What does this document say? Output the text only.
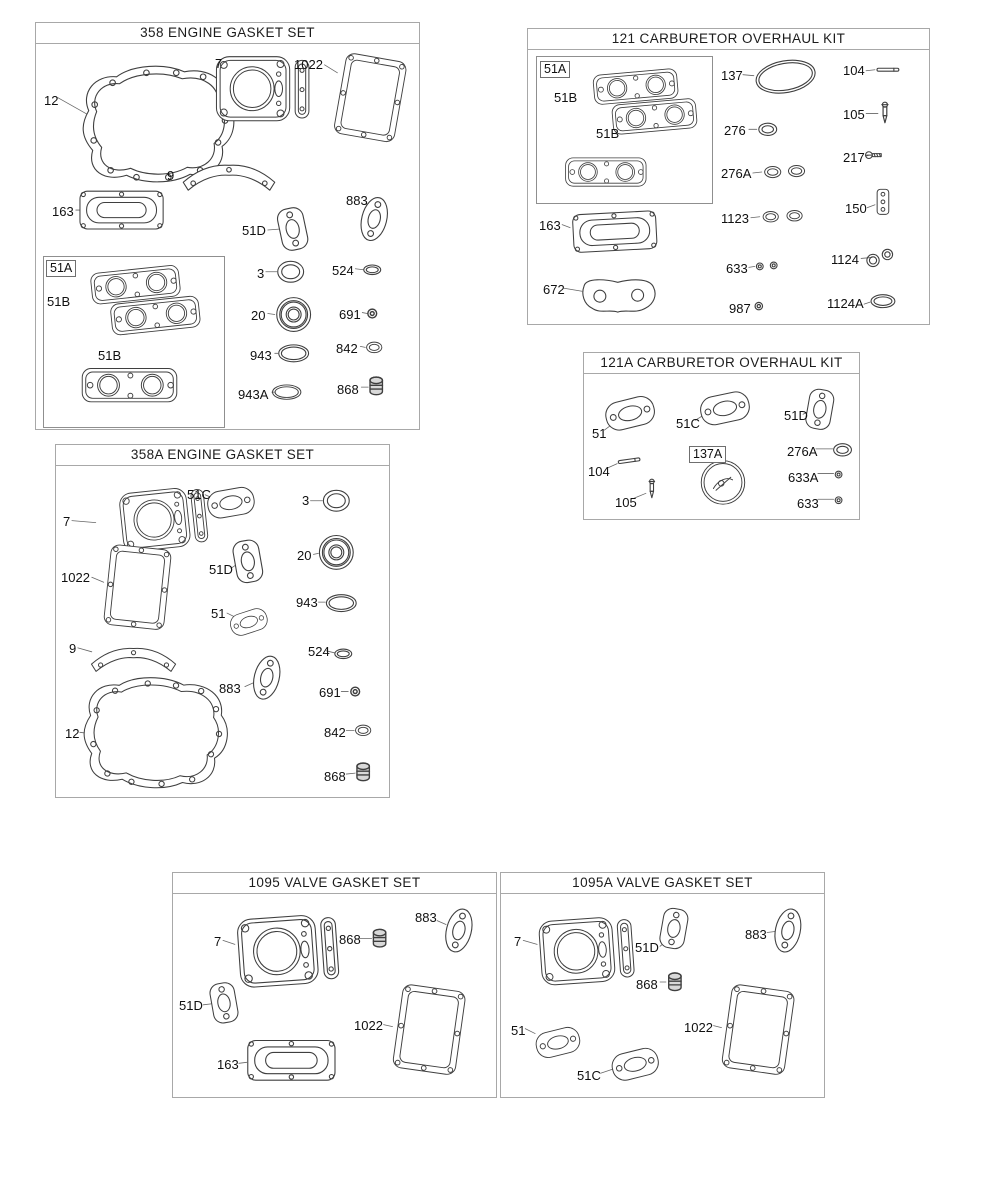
358 ENGINE GASKET SET
12
7	1022
9
163
51D
883
51A
51B
51B
3	524
20	691
943	842
943A	868
121 CARBURETOR OVERHAUL KIT
51A
51B
51B
137	104
105
276
217
276A
1123
150
163
633
1124
672
987	1124A
121A CARBURETOR OVERHAUL KIT
51
51C
51D
104
137A	276A
633A
105	633
358A ENGINE GASKET SET
7
51C	3
1022
51D
20
51
943
9	524
883	691
12	842
868
1095 VALVE GASKET SET
7	868
883
51D
1022
163
1095A VALVE GASKET SET
7	51D
883
868
51	1022
51C
